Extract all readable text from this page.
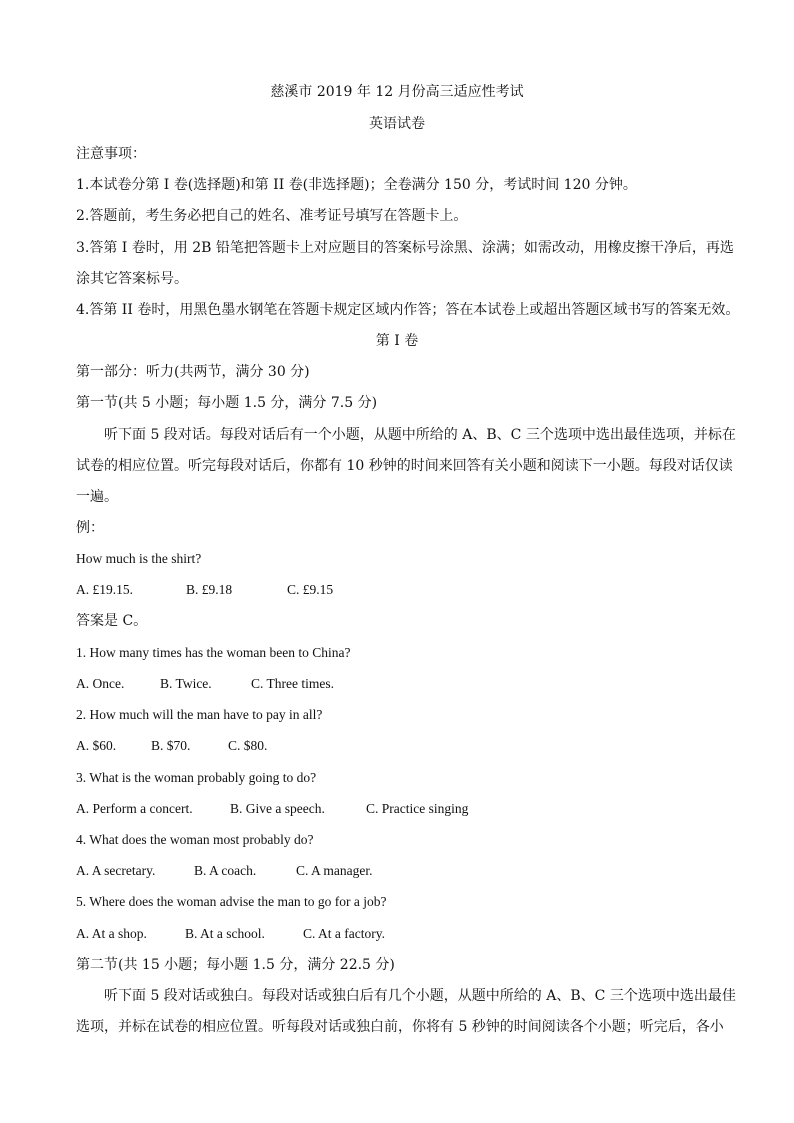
慈溪市 2019 年 12 月份高三适应性考试
英语试卷
注意事项：
1.本试卷分第 I 卷(选择题)和第 II 卷(非选择题)；全卷满分 150 分，考试时间 120 分钟。
2.答题前，考生务必把自己的姓名、准考证号填写在答题卡上。
3.答第 I 卷时，用 2B 铅笔把答题卡上对应题目的答案标号涂黑、涂满；如需改动，用橡皮擦干净后，再选
涂其它答案标号。
4.答第 II 卷时，用黑色墨水钢笔在答题卡规定区域内作答；答在本试卷上或超出答题区域书写的答案无效。
第 I 卷
第一部分：听力(共两节，满分 30 分)
第一节(共 5 小题；每小题 1.5 分，满分 7.5 分)
听下面 5 段对话。每段对话后有一个小题，从题中所给的 A、B、C 三个选项中选出最佳选项，并标在
试卷的相应位置。听完每段对话后，你都有 10 秒钟的时间来回答有关小题和阅读下一小题。每段对话仅读
一遍。
例：
How much is the shirt?
A. £19.15.	B. £9.18	C. £9.15
答案是 C。
1. How many times has the woman been to China?
A. Once.	B. Twice.	C. Three times.
2. How much will the man have to pay in all?
A. $60.	B. $70.	C. $80.
3. What is the woman probably going to do?
A. Perform a concert.	B. Give a speech.	C. Practice singing
4. What does the woman most probably do?
A. A secretary.	B. A coach.	C. A manager.
5. Where does the woman advise the man to go for a job?
A. At a shop.	B. At a school.	C. At a factory.
第二节(共 15 小题；每小题 1.5 分，满分 22.5 分)
听下面 5 段对话或独白。每段对话或独白后有几个小题，从题中所给的 A、B、C 三个选项中选出最佳
选项，并标在试卷的相应位置。听每段对话或独白前，你将有 5 秒钟的时间阅读各个小题；听完后，各小
